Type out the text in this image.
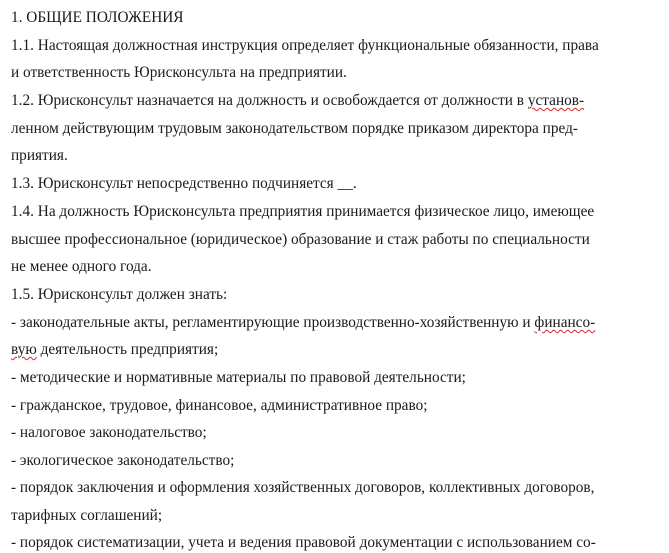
1. ОБЩИЕ ПОЛОЖЕНИЯ
1.1. Настоящая должностная инструкция определяет функциональные обязанности, права
и ответственность Юрисконсульта на предприятии.
1.2. Юрисконсульт назначается на должность и освобождается от должности в установ-
ленном действующим трудовым законодательством порядке приказом директора пред-
приятия.
1.3. Юрисконсульт непосредственно подчиняется __.
1.4. На должность Юрисконсульта предприятия принимается физическое лицо, имеющее
высшее профессиональное (юридическое) образование и стаж работы по специальности
не менее одного года.
1.5. Юрисконсульт должен знать:
- законодательные акты, регламентирующие производственно-хозяйственную и финансо-
вую деятельность предприятия;
- методические и нормативные материалы по правовой деятельности;
- гражданское, трудовое, финансовое, административное право;
- налоговое законодательство;
- экологическое законодательство;
- порядок заключения и оформления хозяйственных договоров, коллективных договоров,
тарифных соглашений;
- порядок систематизации, учета и ведения правовой документации с использованием со-
